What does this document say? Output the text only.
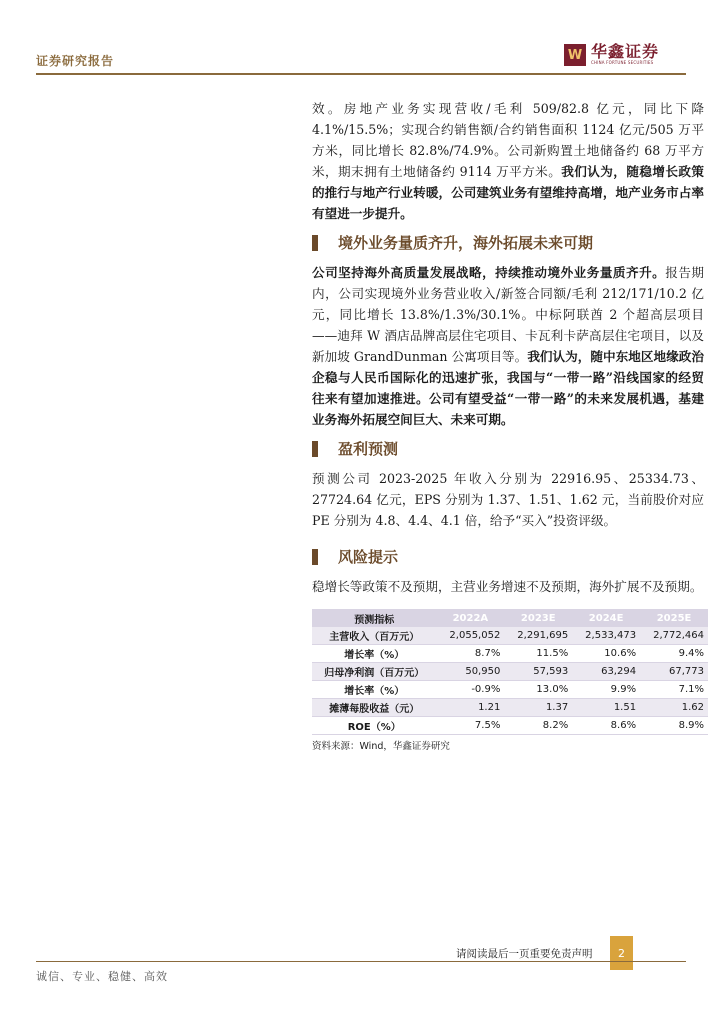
证券研究报告	W 华鑫证券
CHINA FORTUNE SECURITIES

效。房地产业务实现营收/毛利 509/82.8 亿元，同比下降 4.1%/15.5%；实现合约销售额/合约销售面积 1124 亿元/505 万平方米，同比增长 82.8%/74.9%。公司新购置土地储备约 68 万平方米，期末拥有土地储备约 9114 万平方米。我们认为，随稳增长政策的推行与地产行业转暖，公司建筑业务有望维持高增，地产业务市占率有望进一步提升。

境外业务量质齐升，海外拓展未来可期

公司坚持海外高质量发展战略，持续推动境外业务量质齐升。报告期内，公司实现境外业务营业收入/新签合同额/毛利 212/171/10.2 亿元，同比增长 13.8%/1.3%/30.1%。中标阿联酋 2 个超高层项目——迪拜 W 酒店品牌高层住宅项目、卡瓦利卡萨高层住宅项目，以及新加坡 GrandDunman 公寓项目等。我们认为，随中东地区地缘政治企稳与人民币国际化的迅速扩张，我国与“一带一路”沿线国家的经贸往来有望加速推进。公司有望受益“一带一路”的未来发展机遇，基建业务海外拓展空间巨大、未来可期。

盈利预测

预测公司 2023-2025 年收入分别为 22916.95、25334.73、27724.64 亿元，EPS 分别为 1.37、1.51、1.62 元，当前股价对应 PE 分别为 4.8、4.4、4.1 倍，给予“买入”投资评级。

风险提示

稳增长等政策不及预期，主营业务增速不及预期，海外扩展不及预期。

预测指标	2022A	2023E	2024E	2025E
主营收入（百万元）	2,055,052	2,291,695	2,533,473	2,772,464
增长率（%）	8.7%	11.5%	10.6%	9.4%
归母净利润（百万元）	50,950	57,593	63,294	67,773
增长率（%）	-0.9%	13.0%	9.9%	7.1%
摊薄每股收益（元）	1.21	1.37	1.51	1.62
ROE（%）	7.5%	8.2%	8.6%	8.9%
资料来源：Wind，华鑫证券研究
请阅读最后一页重要免责声明	2
诚信、专业、稳健、高效
